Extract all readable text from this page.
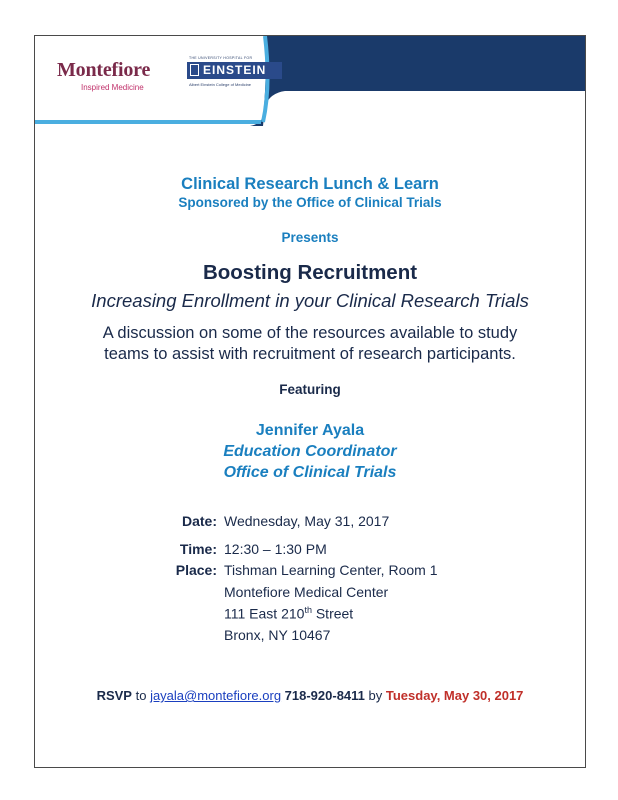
Montefiore
Inspired Medicine
THE UNIVERSITY HOSPITAL FOR
EINSTEIN
Albert Einstein College of Medicine
Clinical Research Lunch & Learn
Sponsored by the Office of Clinical Trials
Presents
Boosting Recruitment
Increasing Enrollment in your Clinical Research Trials
A discussion on some of the resources available to study
teams to assist with recruitment of research participants.
Featuring
Jennifer Ayala
Education Coordinator
Office of Clinical Trials
Date: Wednesday, May 31, 2017
Time: 12:30 – 1:30 PM
Place: Tishman Learning Center, Room 1
Montefiore Medical Center
111 East 210th Street
Bronx, NY 10467
RSVP to jayala@montefiore.org 718-920-8411 by Tuesday, May 30, 2017
